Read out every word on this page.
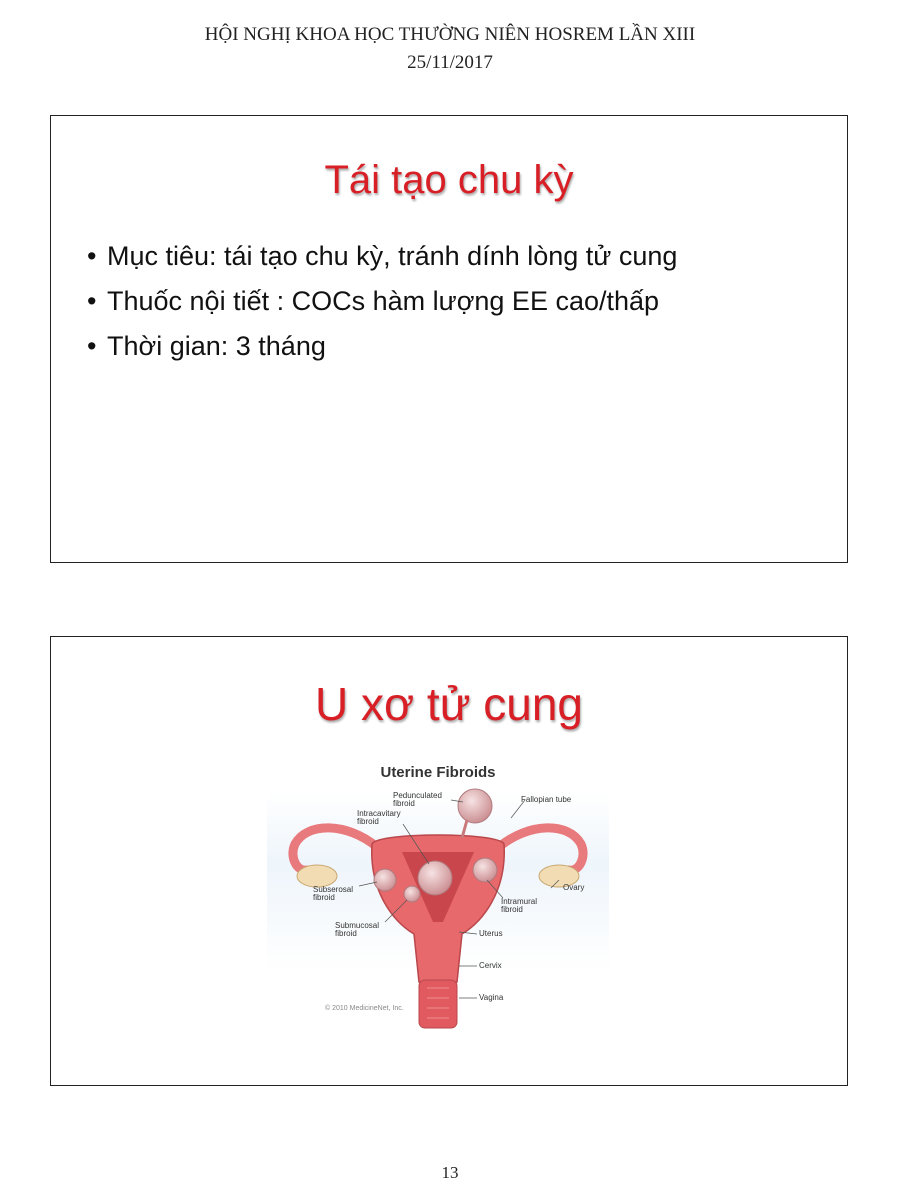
HỘI NGHỊ KHOA HỌC THƯỜNG NIÊN HOSREM LẦN XIII
25/11/2017
Tái tạo chu kỳ
• Mục tiêu: tái tạo chu kỳ, tránh dính lòng tử cung
• Thuốc nội tiết : COCs hàm lượng EE cao/thấp
• Thời gian: 3 tháng
U xơ tử cung
Uterine Fibroids
Pedunculated fibroid
Intracavitary fibroid
Fallopian tube
Subserosal fibroid
Ovary
Intramural fibroid
Submucosal fibroid	Uterus
Cervix
Vagina
© 2010 MedicineNet, Inc.
13
